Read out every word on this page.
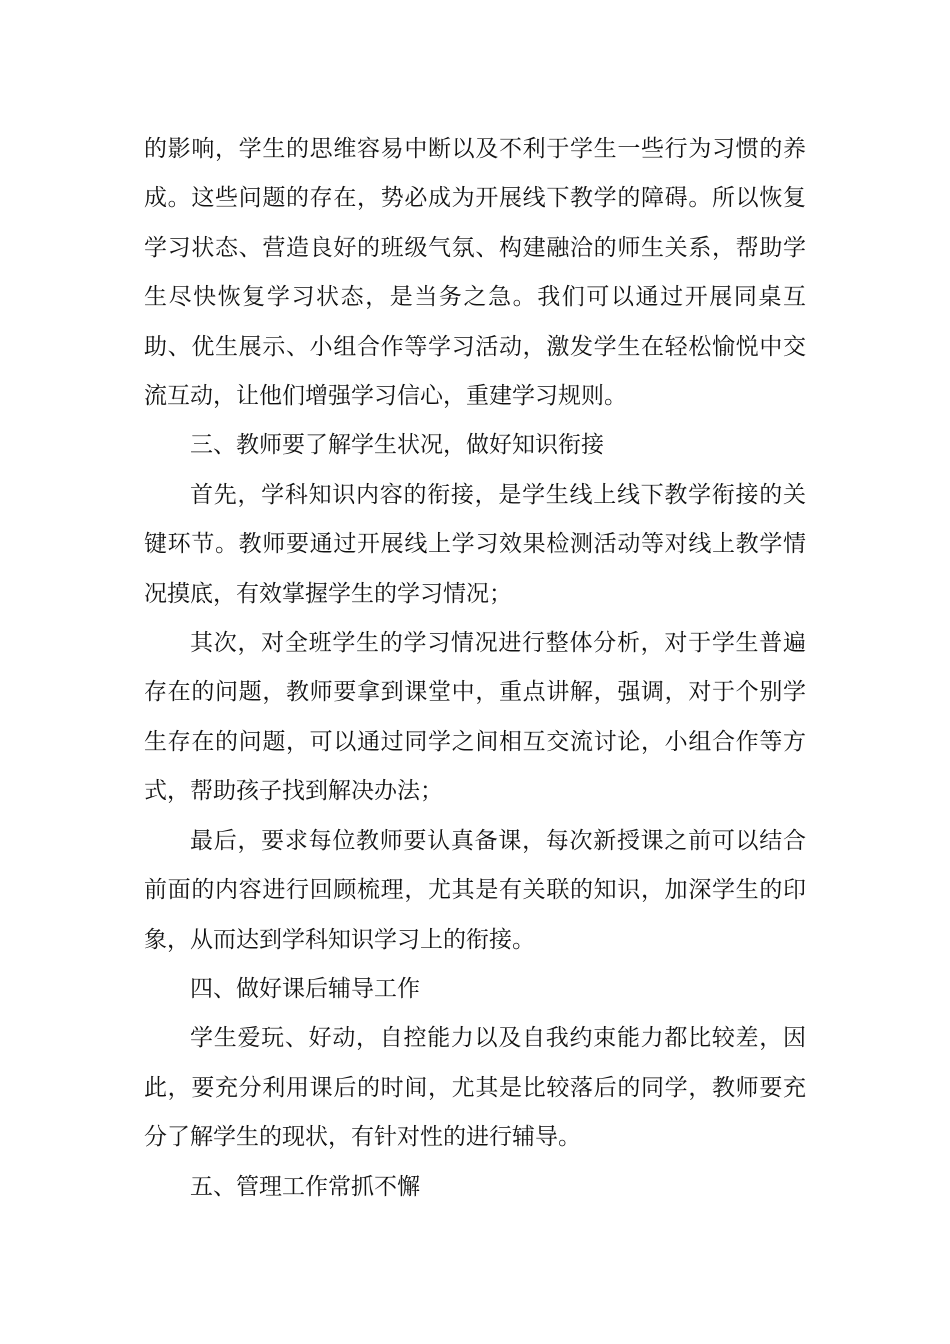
的影响，学生的思维容易中断以及不利于学生一些行为习惯的养成。这些问题的存在，势必成为开展线下教学的障碍。所以恢复学习状态、营造良好的班级气氛、构建融洽的师生关系，帮助学生尽快恢复学习状态，是当务之急。我们可以通过开展同桌互助、优生展示、小组合作等学习活动，激发学生在轻松愉悦中交流互动，让他们增强学习信心，重建学习规则。

三、教师要了解学生状况，做好知识衔接

首先，学科知识内容的衔接，是学生线上线下教学衔接的关键环节。教师要通过开展线上学习效果检测活动等对线上教学情况摸底，有效掌握学生的学习情况；

其次，对全班学生的学习情况进行整体分析，对于学生普遍存在的问题，教师要拿到课堂中，重点讲解，强调，对于个别学生存在的问题，可以通过同学之间相互交流讨论，小组合作等方式，帮助孩子找到解决办法；

最后，要求每位教师要认真备课，每次新授课之前可以结合前面的内容进行回顾梳理，尤其是有关联的知识，加深学生的印象，从而达到学科知识学习上的衔接。

四、做好课后辅导工作

学生爱玩、好动，自控能力以及自我约束能力都比较差，因此，要充分利用课后的时间，尤其是比较落后的同学，教师要充分了解学生的现状，有针对性的进行辅导。

五、管理工作常抓不懈
